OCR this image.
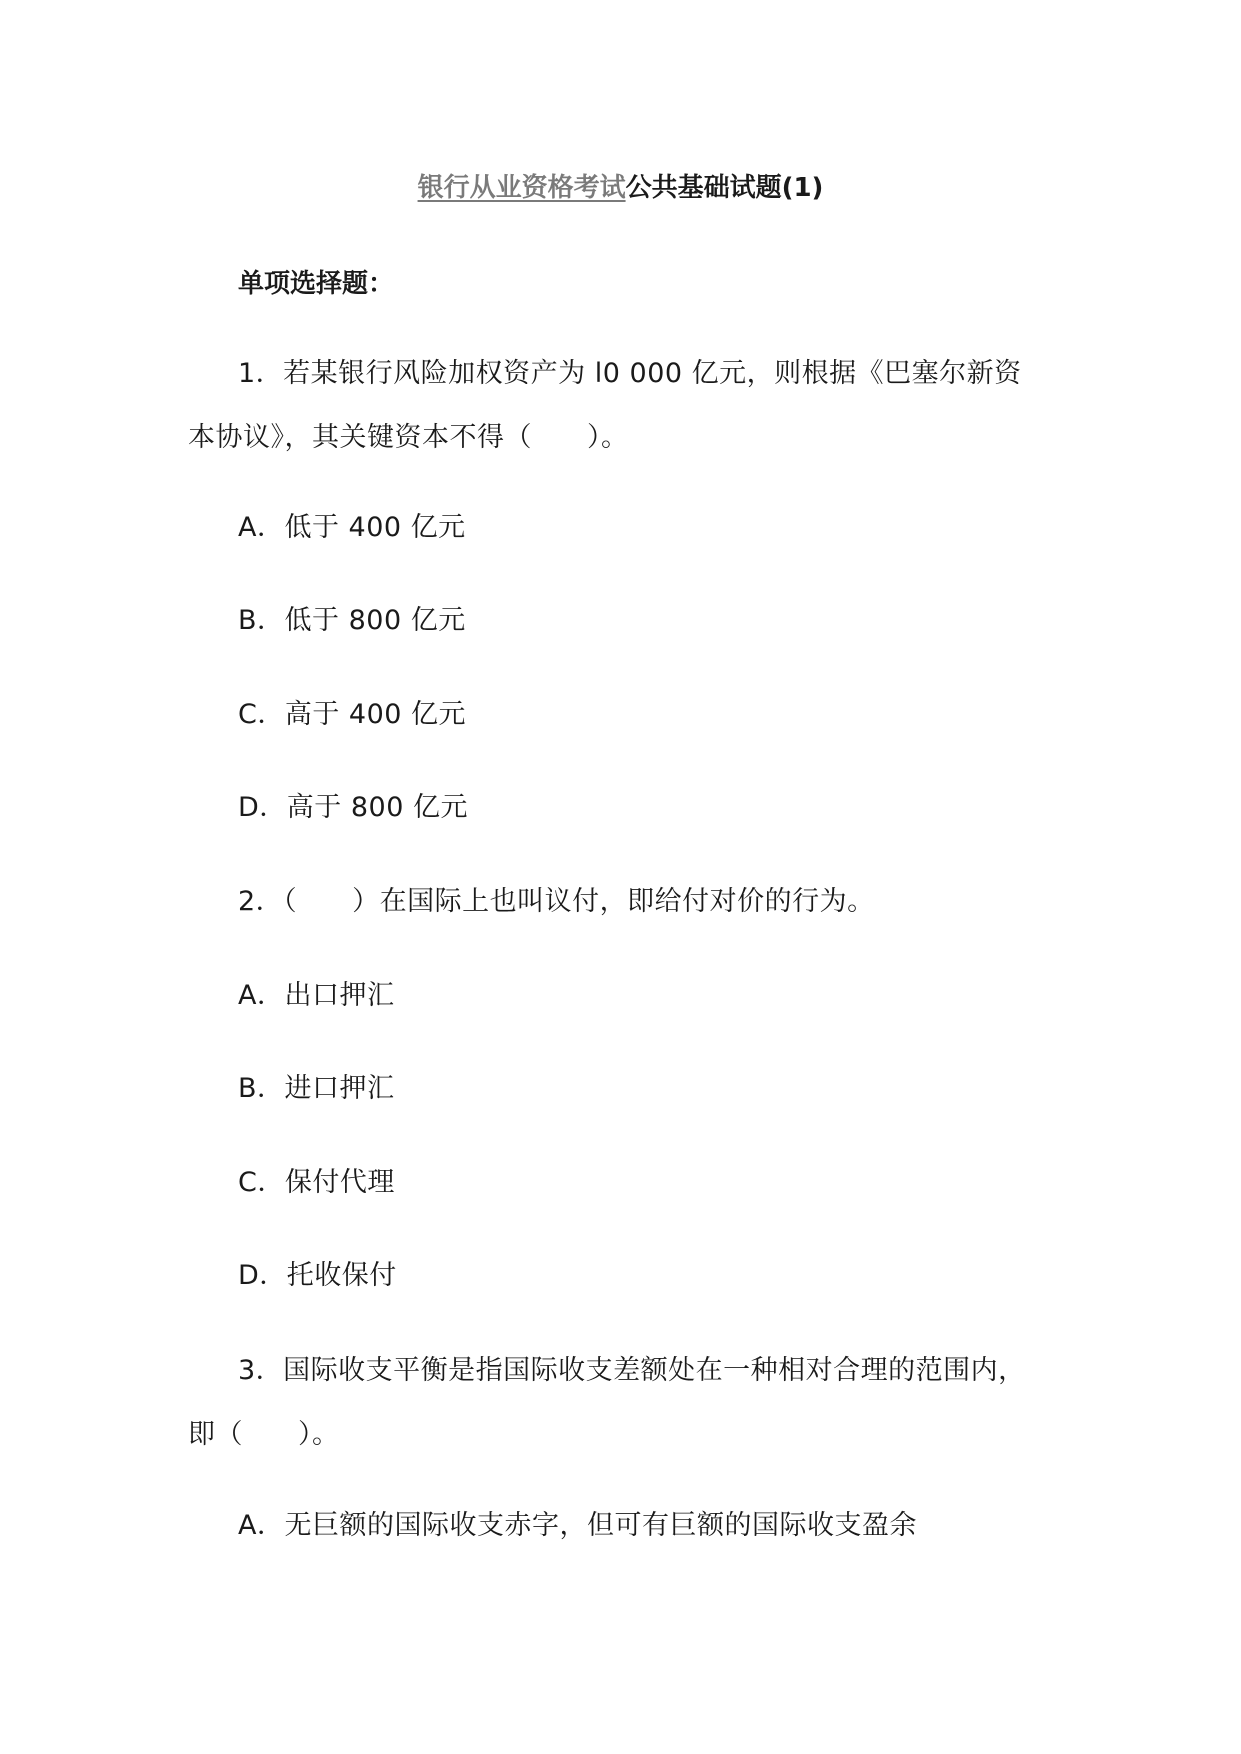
银行从业资格考试公共基础试题(1)
单项选择题：
1．若某银行风险加权资产为 l0 000 亿元，则根据《巴塞尔新资
本协议》，其关键资本不得（　　）。
A．低于 400 亿元
B．低于 800 亿元
C．高于 400 亿元
D．高于 800 亿元
2．（　　）在国际上也叫议付，即给付对价的行为。
A．出口押汇
B．进口押汇
C．保付代理
D．托收保付
3．国际收支平衡是指国际收支差额处在一种相对合理的范围内，
即（　　）。
A．无巨额的国际收支赤字，但可有巨额的国际收支盈余
